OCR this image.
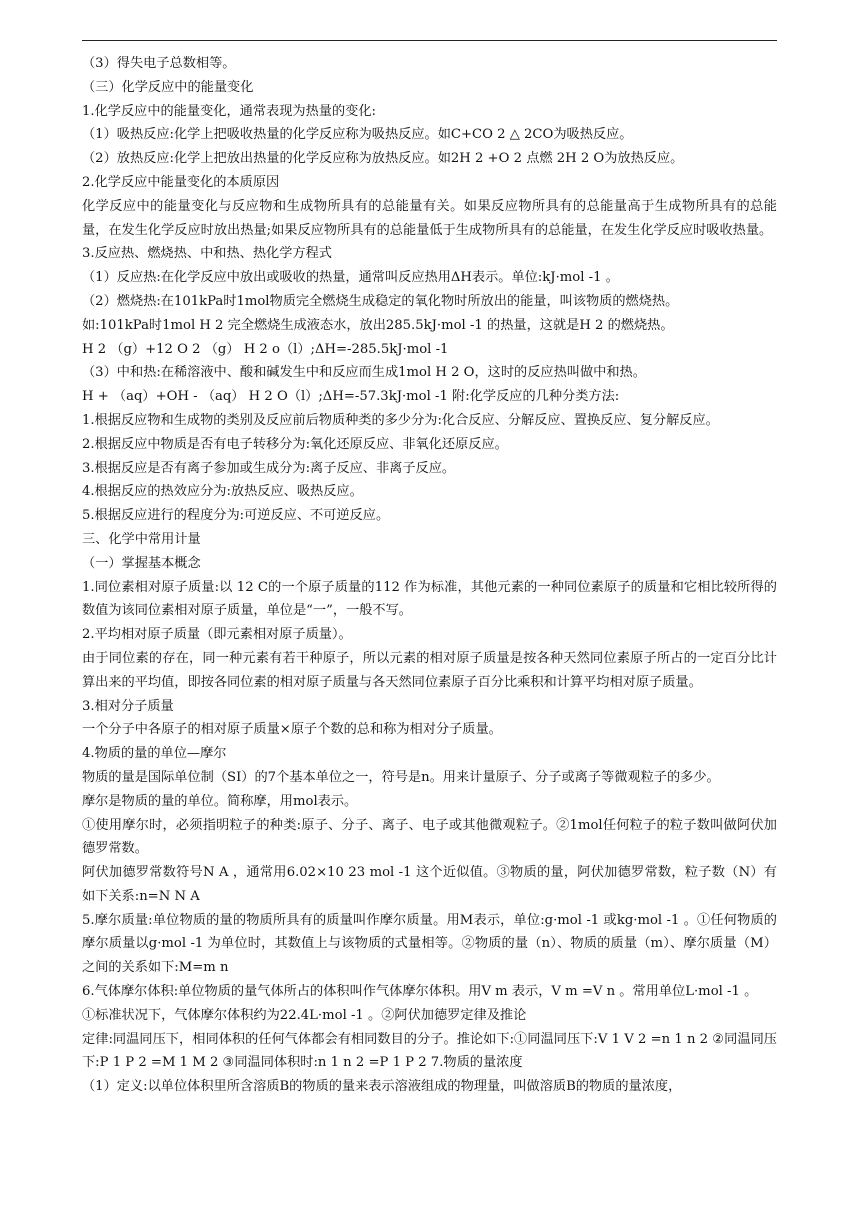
（3）得失电子总数相等。

（三）化学反应中的能量变化

1.化学反应中的能量变化，通常表现为热量的变化:

（1）吸热反应:化学上把吸收热量的化学反应称为吸热反应。如C+CO 2 △ 2CO为吸热反应。

（2）放热反应:化学上把放出热量的化学反应称为放热反应。如2H 2 +O 2 点燃 2H 2 O为放热反应。

2.化学反应中能量变化的本质原因

化学反应中的能量变化与反应物和生成物所具有的总能量有关。如果反应物所具有的总能量高于生成物所具有的总能量，在发生化学反应时放出热量;如果反应物所具有的总能量低于生成物所具有的总能量，在发生化学反应时吸收热量。

3.反应热、燃烧热、中和热、热化学方程式

（1）反应热:在化学反应中放出或吸收的热量，通常叫反应热用ΔH表示。单位:kJ·mol -1 。

（2）燃烧热:在101kPa时1mol物质完全燃烧生成稳定的氧化物时所放出的能量，叫该物质的燃烧热。

如:101kPa时1mol H 2 完全燃烧生成液态水，放出285.5kJ·mol -1 的热量，这就是H 2 的燃烧热。

H 2 （g）+12 O 2 （g） H 2 o（l）;ΔH=-285.5kJ·mol -1

（3）中和热:在稀溶液中、酸和碱发生中和反应而生成1mol H 2 O，这时的反应热叫做中和热。

H + （aq）+OH - （aq） H 2 O（l）;ΔH=-57.3kJ·mol -1 附:化学反应的几种分类方法:

1.根据反应物和生成物的类别及反应前后物质种类的多少分为:化合反应、分解反应、置换反应、复分解反应。

2.根据反应中物质是否有电子转移分为:氧化还原反应、非氧化还原反应。

3.根据反应是否有离子参加或生成分为:离子反应、非离子反应。

4.根据反应的热效应分为:放热反应、吸热反应。

5.根据反应进行的程度分为:可逆反应、不可逆反应。

三、化学中常用计量

（一）掌握基本概念

1.同位素相对原子质量:以 12 C的一个原子质量的112 作为标准，其他元素的一种同位素原子的质量和它相比较所得的数值为该同位素相对原子质量，单位是“一”，一般不写。

2.平均相对原子质量（即元素相对原子质量）。

由于同位素的存在，同一种元素有若干种原子，所以元素的相对原子质量是按各种天然同位素原子所占的一定百分比计算出来的平均值，即按各同位素的相对原子质量与各天然同位素原子百分比乘积和计算平均相对原子质量。

3.相对分子质量

一个分子中各原子的相对原子质量×原子个数的总和称为相对分子质量。

4.物质的量的单位—摩尔

物质的量是国际单位制（SI）的7个基本单位之一，符号是n。用来计量原子、分子或离子等微观粒子的多少。

摩尔是物质的量的单位。简称摩，用mol表示。

①使用摩尔时，必须指明粒子的种类:原子、分子、离子、电子或其他微观粒子。②1mol任何粒子的粒子数叫做阿伏加德罗常数。

阿伏加德罗常数符号N A ，通常用6.02×10 23 mol -1 这个近似值。③物质的量，阿伏加德罗常数，粒子数（N）有如下关系:n=N N A

5.摩尔质量:单位物质的量的物质所具有的质量叫作摩尔质量。用M表示，单位:g·mol -1 或kg·mol -1 。①任何物质的摩尔质量以g·mol -1 为单位时，其数值上与该物质的式量相等。②物质的量（n）、物质的质量（m）、摩尔质量（M）之间的关系如下:M=m n

6.气体摩尔体积:单位物质的量气体所占的体积叫作气体摩尔体积。用V m 表示，V m =V n 。常用单位L·mol -1 。

①标准状况下，气体摩尔体积约为22.4L·mol -1 。②阿伏加德罗定律及推论

定律:同温同压下，相同体积的任何气体都会有相同数目的分子。推论如下:①同温同压下:V 1 V 2 =n 1 n 2 ②同温同压下:P 1 P 2 =M 1 M 2 ③同温同体积时:n 1 n 2 =P 1 P 2 7.物质的量浓度

（1）定义:以单位体积里所含溶质B的物质的量来表示溶液组成的物理量，叫做溶质B的物质的量浓度，
